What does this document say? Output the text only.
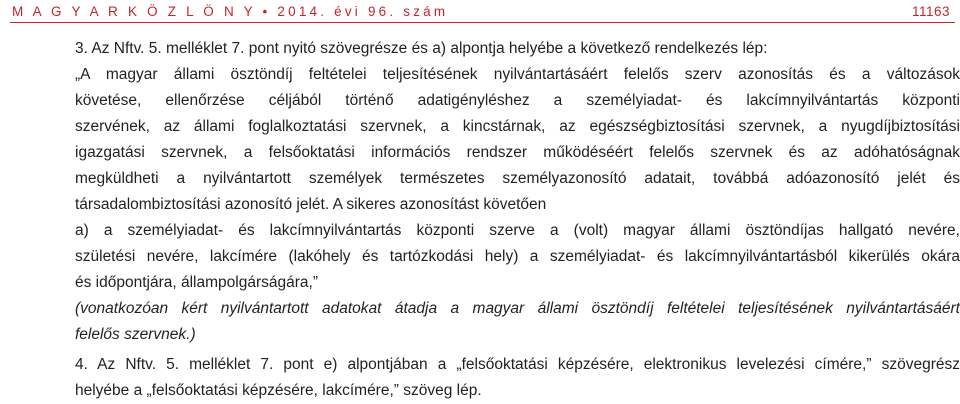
M A G Y A R K Ö Z L Ö N Y • 2014. évi 96. szám	11163
3. Az Nftv. 5. melléklet 7. pont nyitó szövegrésze és a) alpontja helyébe a következő rendelkezés lép:
„A magyar állami ösztöndíj feltételei teljesítésének nyilvántartásáért felelős szerv azonosítás és a változások
követése, ellenőrzése céljából történő adatigényléshez a személyiadat- és lakcímnyilvántartás központi
szervének, az állami foglalkoztatási szervnek, a kincstárnak, az egészségbiztosítási szervnek, a nyugdíjbiztosítási
igazgatási szervnek, a felsőoktatási információs rendszer működéséért felelős szervnek és az adóhatóságnak
megküldheti a nyilvántartott személyek természetes személyazonosító adatait, továbbá adóazonosító jelét és
társadalombiztosítási azonosító jelét. A sikeres azonosítást követően
a) a személyiadat- és lakcímnyilvántartás központi szerve a (volt) magyar állami ösztöndíjas hallgató nevére,
születési nevére, lakcímére (lakóhely és tartózkodási hely) a személyiadat- és lakcímnyilvántartásból kikerülés okára
és időpontjára, állampolgárságára,”
(vonatkozóan kért nyilvántartott adatokat átadja a magyar állami ösztöndíj feltételei teljesítésének nyilvántartásáért
felelős szervnek.)
4. Az Nftv. 5. melléklet 7. pont e) alpontjában a „felsőoktatási képzésére, elektronikus levelezési címére,” szövegrész
helyébe a „felsőoktatási képzésére, lakcímére,” szöveg lép.
